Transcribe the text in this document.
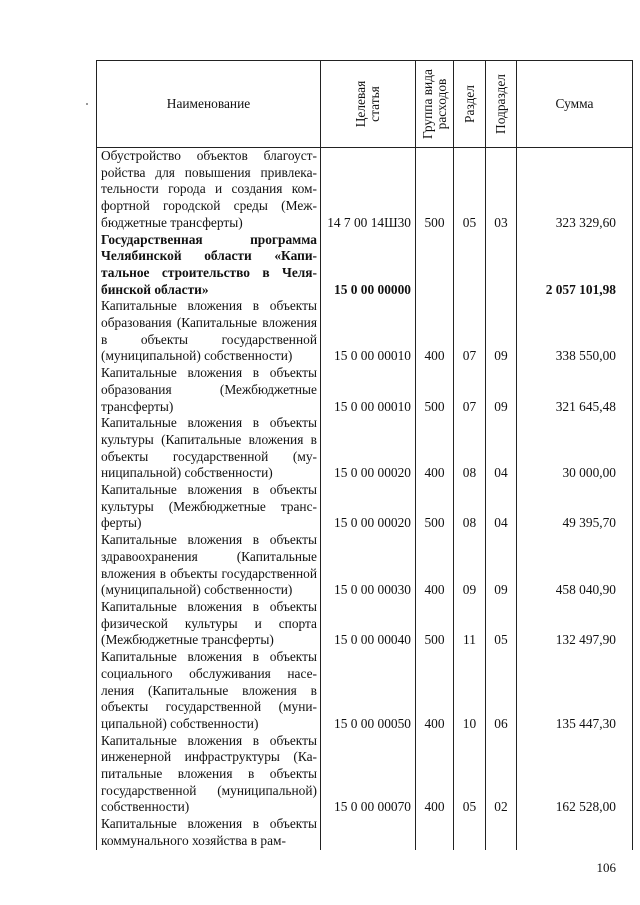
Наименование	Целевая статья	Группа вида расходов	Раздел	Подраздел	Сумма
Обустройство объектов благоустройства для повышения привлекательности города и создания комфортной городской среды (Межбюджетные трансферты)	14 7 00 14Ш30	500	05	03	323 329,60
Государственная программа Челябинской области «Капитальное строительство в Челябинской области»	15 0 00 00000				2 057 101,98
Капитальные вложения в объекты образования (Капитальные вложения в объекты государственной (муниципальной) собственности)	15 0 00 00010	400	07	09	338 550,00
Капитальные вложения в объекты образования (Межбюджетные трансферты)	15 0 00 00010	500	07	09	321 645,48
Капитальные вложения в объекты культуры (Капитальные вложения в объекты государственной (муниципальной) собственности)	15 0 00 00020	400	08	04	30 000,00
Капитальные вложения в объекты культуры (Межбюджетные трансферты)	15 0 00 00020	500	08	04	49 395,70
Капитальные вложения в объекты здравоохранения (Капитальные вложения в объекты государственной (муниципальной) собственности)	15 0 00 00030	400	09	09	458 040,90
Капитальные вложения в объекты физической культуры и спорта (Межбюджетные трансферты)	15 0 00 00040	500	11	05	132 497,90
Капитальные вложения в объекты социального обслуживания населения (Капитальные вложения в объекты государственной (муниципальной) собственности)	15 0 00 00050	400	10	06	135 447,30
Капитальные вложения в объекты инженерной инфраструктуры (Капитальные вложения в объекты государственной (муниципальной) собственности)	15 0 00 00070	400	05	02	162 528,00
Капитальные вложения в объекты коммунального хозяйства в рам-					
106
